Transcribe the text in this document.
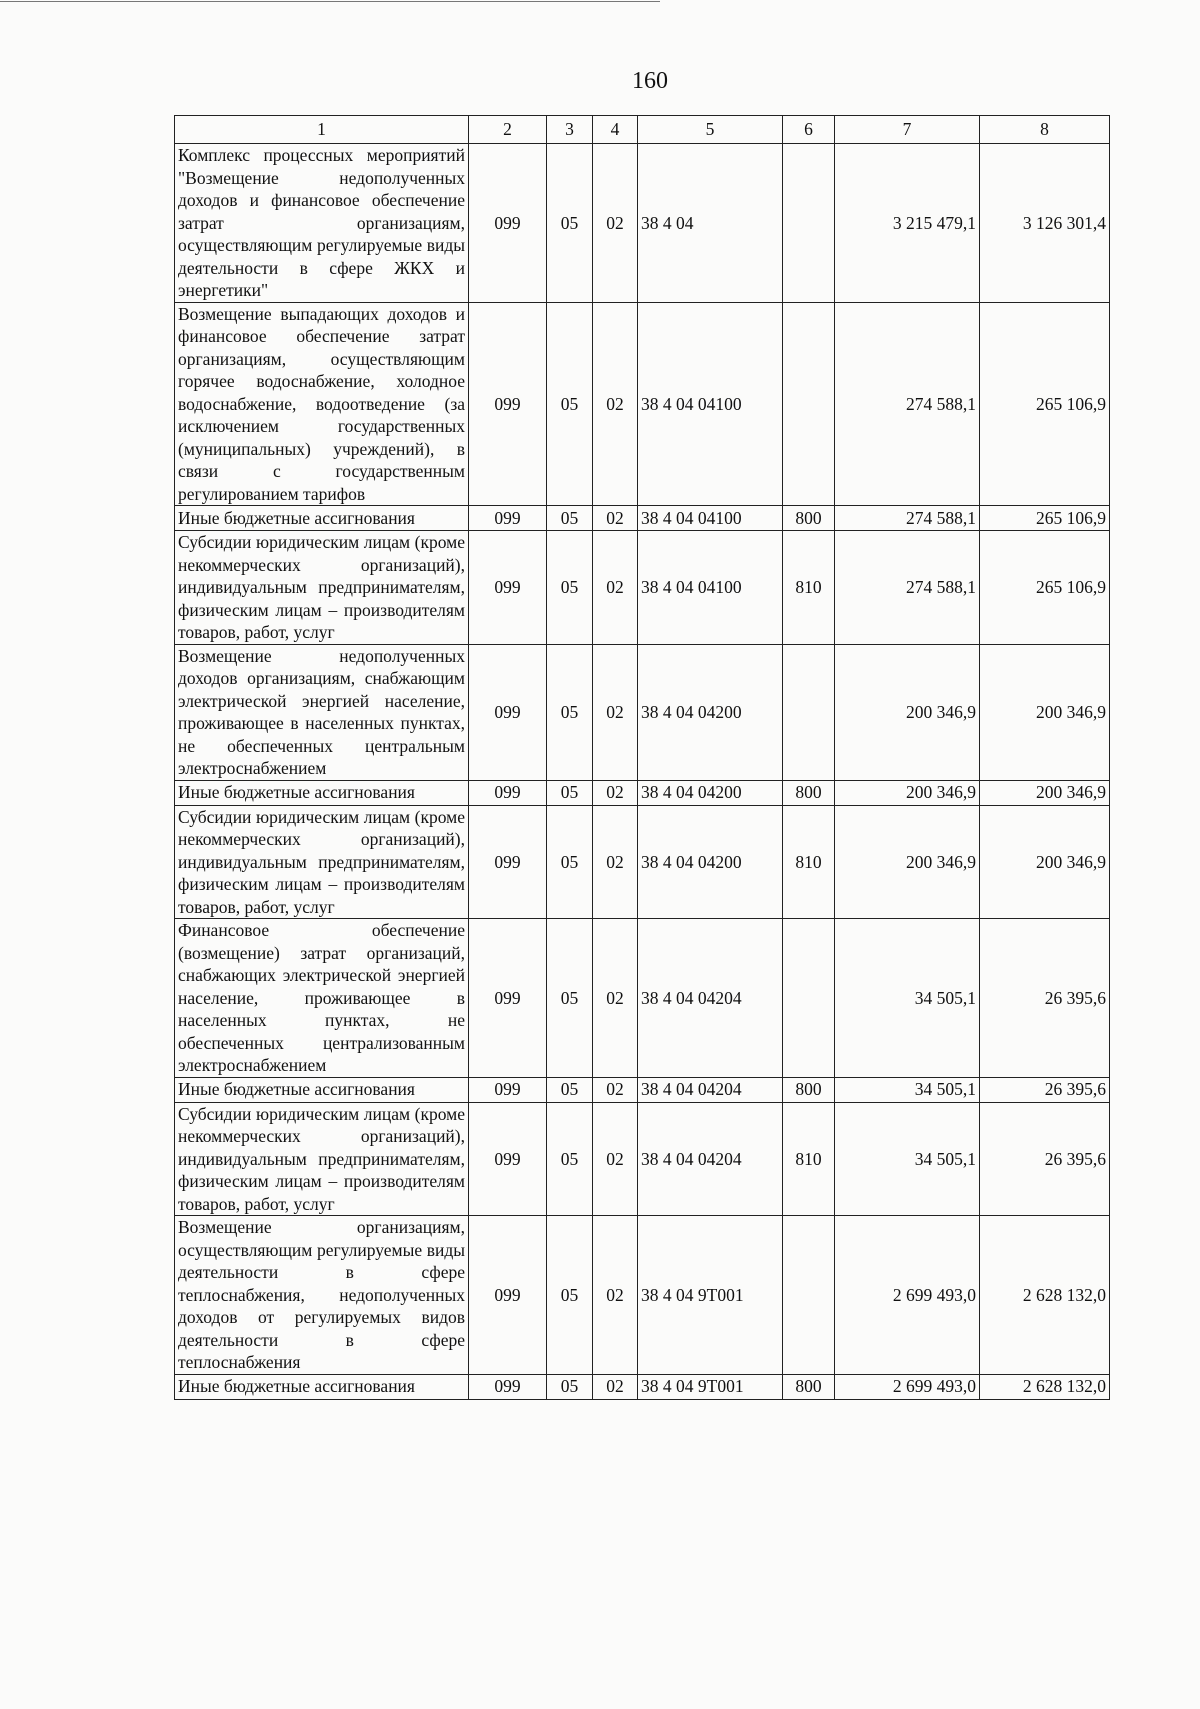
160
1	2	3	4	5	6	7	8
Комплекс процессных мероприятий "Возмещение недополученных доходов и финансовое обеспечение затрат организациям, осуществляющим регулируемые виды деятельности в сфере ЖКХ и энергетики"	099	05	02	38 4 04		3 215 479,1	3 126 301,4
Возмещение выпадающих доходов и финансовое обеспечение затрат организациям, осуществляющим горячее водоснабжение, холодное водоснабжение, водоотведение (за исключением государственных (муниципальных) учреждений), в связи с государственным регулированием тарифов	099	05	02	38 4 04 04100		274 588,1	265 106,9
Иные бюджетные ассигнования	099	05	02	38 4 04 04100	800	274 588,1	265 106,9
Субсидии юридическим лицам (кроме некоммерческих организаций), индивидуальным предпринимателям, физическим лицам – производителям товаров, работ, услуг	099	05	02	38 4 04 04100	810	274 588,1	265 106,9
Возмещение недополученных доходов организациям, снабжающим электрической энергией население, проживающее в населенных пунктах, не обеспеченных центральным электроснабжением	099	05	02	38 4 04 04200		200 346,9	200 346,9
Иные бюджетные ассигнования	099	05	02	38 4 04 04200	800	200 346,9	200 346,9
Субсидии юридическим лицам (кроме некоммерческих организаций), индивидуальным предпринимателям, физическим лицам – производителям товаров, работ, услуг	099	05	02	38 4 04 04200	810	200 346,9	200 346,9
Финансовое обеспечение (возмещение) затрат организаций, снабжающих электрической энергией население, проживающее в населенных пунктах, не обеспеченных централизованным электроснабжением	099	05	02	38 4 04 04204		34 505,1	26 395,6
Иные бюджетные ассигнования	099	05	02	38 4 04 04204	800	34 505,1	26 395,6
Субсидии юридическим лицам (кроме некоммерческих организаций), индивидуальным предпринимателям, физическим лицам – производителям товаров, работ, услуг	099	05	02	38 4 04 04204	810	34 505,1	26 395,6
Возмещение организациям, осуществляющим регулируемые виды деятельности в сфере теплоснабжения, недополученных доходов от регулируемых видов деятельности в сфере теплоснабжения	099	05	02	38 4 04 9Т001		2 699 493,0	2 628 132,0
Иные бюджетные ассигнования	099	05	02	38 4 04 9Т001	800	2 699 493,0	2 628 132,0
